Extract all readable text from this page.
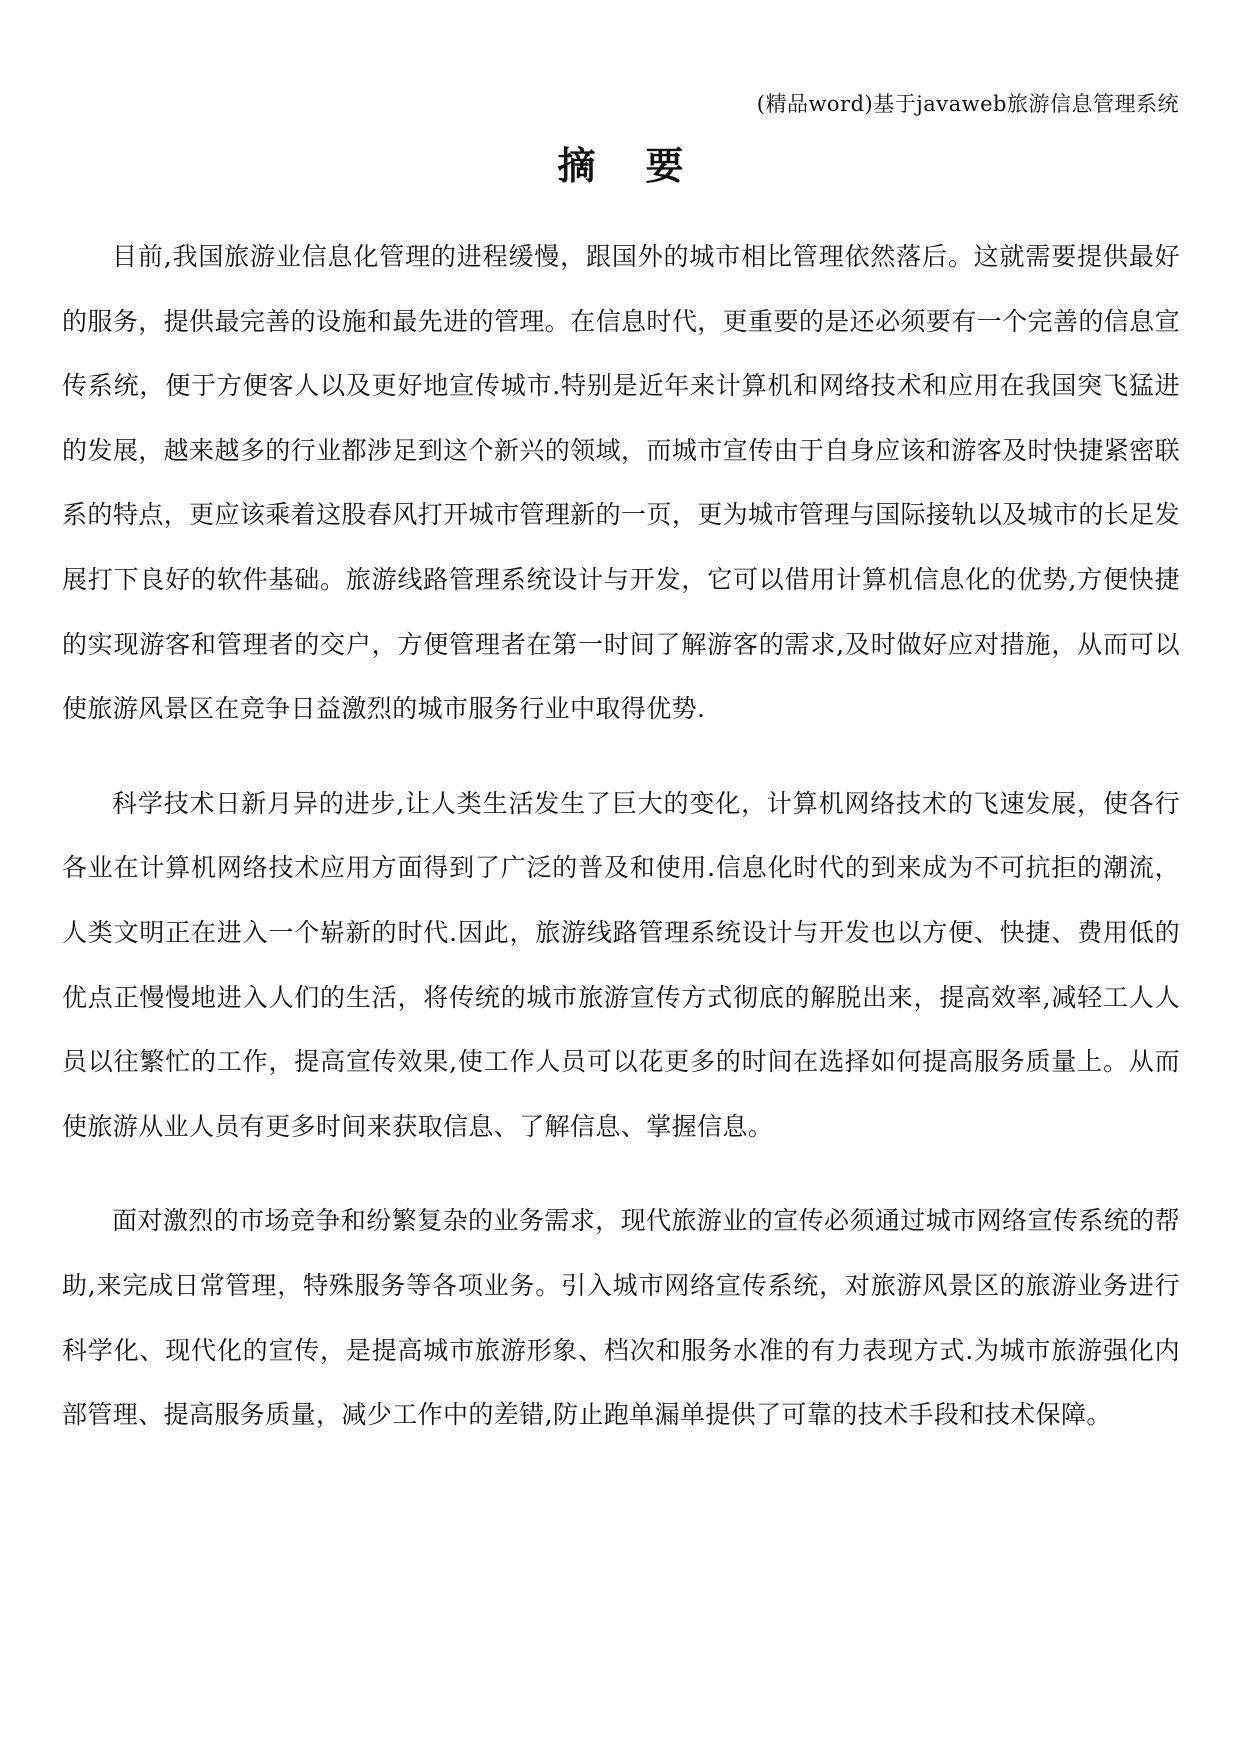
(精品word)基于javaweb旅游信息管理系统
摘要

目前,我国旅游业信息化管理的进程缓慢，跟国外的城市相比管理依然落后。这就需要提供最好的服务，提供最完善的设施和最先进的管理。在信息时代，更重要的是还必须要有一个完善的信息宣传系统，便于方便客人以及更好地宣传城市.特别是近年来计算机和网络技术和应用在我国突飞猛进的发展，越来越多的行业都涉足到这个新兴的领域，而城市宣传由于自身应该和游客及时快捷紧密联系的特点，更应该乘着这股春风打开城市管理新的一页，更为城市管理与国际接轨以及城市的长足发展打下良好的软件基础。旅游线路管理系统设计与开发，它可以借用计算机信息化的优势,方便快捷的实现游客和管理者的交户，方便管理者在第一时间了解游客的需求,及时做好应对措施，从而可以使旅游风景区在竞争日益激烈的城市服务行业中取得优势.

科学技术日新月异的进步,让人类生活发生了巨大的变化，计算机网络技术的飞速发展，使各行各业在计算机网络技术应用方面得到了广泛的普及和使用.信息化时代的到来成为不可抗拒的潮流，人类文明正在进入一个崭新的时代.因此，旅游线路管理系统设计与开发也以方便、快捷、费用低的优点正慢慢地进入人们的生活，将传统的城市旅游宣传方式彻底的解脱出来，提高效率,减轻工人人员以往繁忙的工作，提高宣传效果,使工作人员可以花更多的时间在选择如何提高服务质量上。从而使旅游从业人员有更多时间来获取信息、了解信息、掌握信息。

面对激烈的市场竞争和纷繁复杂的业务需求，现代旅游业的宣传必须通过城市网络宣传系统的帮助,来完成日常管理，特殊服务等各项业务。引入城市网络宣传系统，对旅游风景区的旅游业务进行科学化、现代化的宣传，是提高城市旅游形象、档次和服务水准的有力表现方式.为城市旅游强化内部管理、提高服务质量，减少工作中的差错,防止跑单漏单提供了可靠的技术手段和技术保障。
